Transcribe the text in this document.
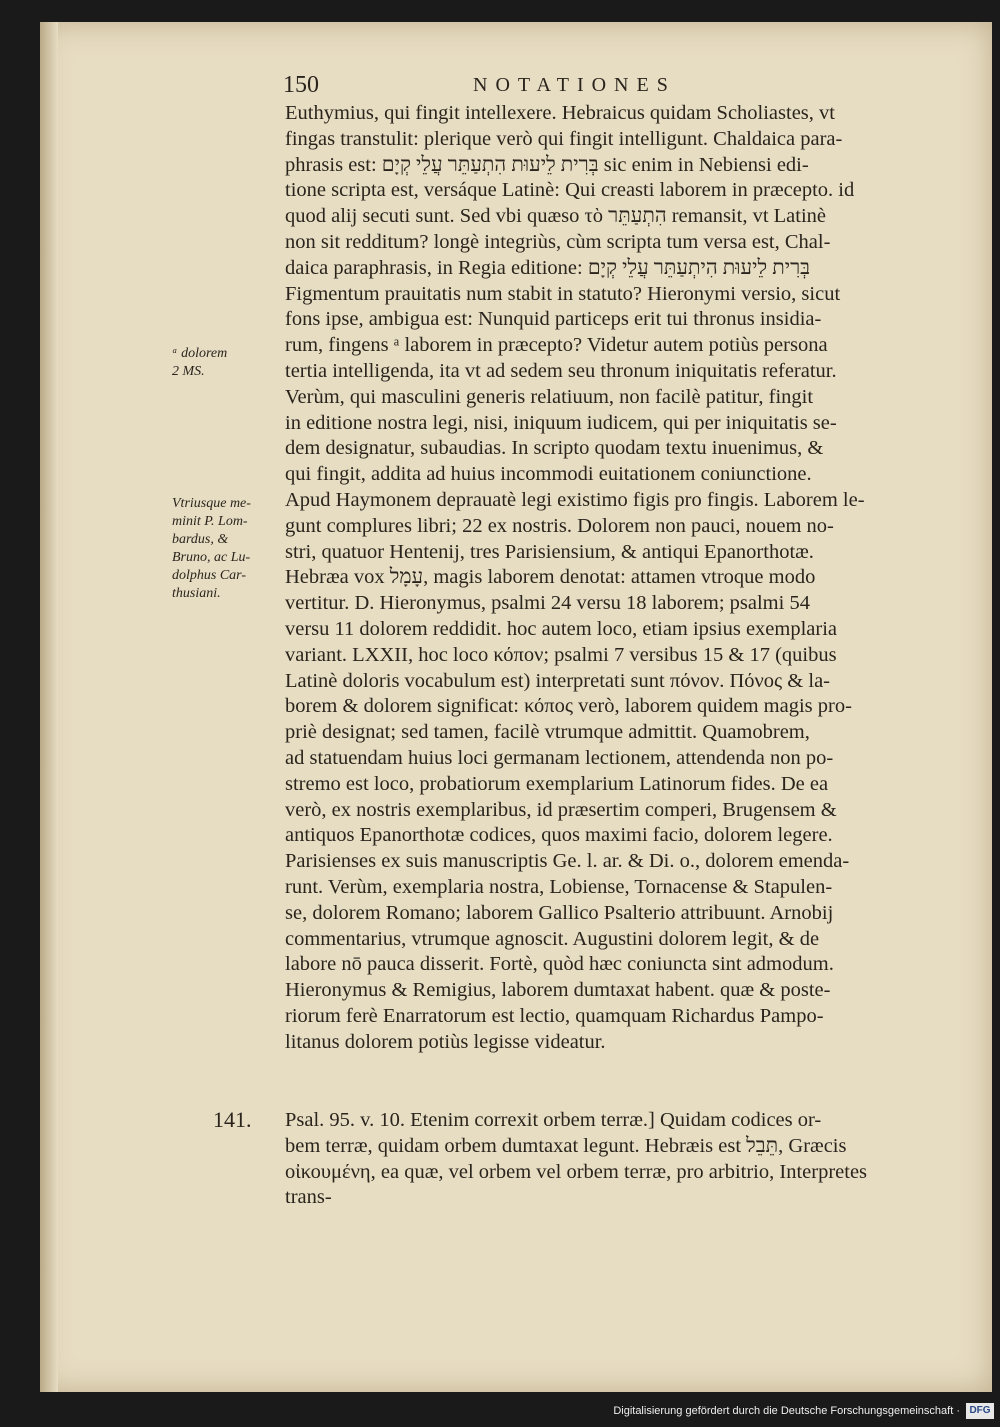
150	NOTATIONES
ᵃ dolorem
2 MS.
Vtriusque me-
minit P. Lom-
bardus, &
Bruno, ac Lu-
dolphus Car-
thusiani.
Euthymius, qui fingit intellexere. Hebraicus quidam Scholiastes, vt
fingas transtulit: plerique verò qui fingit intelligunt. Chaldaica para-
phrasis est: בְּרִית לֵיעוּת הִתְעַתֵּר עֲלֵי קְיָם sic enim in Nebiensi edi-
tione scripta est, versáque Latinè: Qui creasti laborem in præcepto. id
quod alij secuti sunt. Sed vbi quæso τὸ הִתְעַתֵּר remansit, vt Latinè
non sit redditum? longè integriùs, cùm scripta tum versa est, Chal-
daica paraphrasis, in Regia editione: בְּרִית לֵיעוּת הִיתְעַתֵּר עֲלֵי קְיָם
Figmentum prauitatis num stabit in statuto? Hieronymi versio, sicut
fons ipse, ambigua est: Nunquid particeps erit tui thronus insidia-
rum, fingens ᵃ laborem in præcepto? Videtur autem potiùs persona
tertia intelligenda, ita vt ad sedem seu thronum iniquitatis referatur.
Verùm, qui masculini generis relatiuum, non facilè patitur, fingit
in editione nostra legi, nisi, iniquum iudicem, qui per iniquitatis se-
dem designatur, subaudias. In scripto quodam textu inuenimus, &
qui fingit, addita ad huius incommodi euitationem coniunctione.
Apud Haymonem deprauatè legi existimo figis pro fingis. Laborem le-
gunt complures libri; 22 ex nostris. Dolorem non pauci, nouem no-
stri, quatuor Hentenij, tres Parisiensium, & antiqui Epanorthotæ.
Hebræa vox עָמָל, magis laborem denotat: attamen vtroque modo
vertitur. D. Hieronymus, psalmi 24 versu 18 laborem; psalmi 54
versu 11 dolorem reddidit. hoc autem loco, etiam ipsius exemplaria
variant. LXXII, hoc loco κόπον; psalmi 7 versibus 15 & 17 (quibus
Latinè doloris vocabulum est) interpretati sunt πόνον. Πόνος & la-
borem & dolorem significat: κόπος verò, laborem quidem magis pro-
priè designat; sed tamen, facilè vtrumque admittit. Quamobrem,
ad statuendam huius loci germanam lectionem, attendenda non po-
stremo est loco, probatiorum exemplarium Latinorum fides. De ea
verò, ex nostris exemplaribus, id præsertim comperi, Brugensem &
antiquos Epanorthotæ codices, quos maximi facio, dolorem legere.
Parisienses ex suis manuscriptis Ge. l. ar. & Di. o., dolorem emenda-
runt. Verùm, exemplaria nostra, Lobiense, Tornacense & Stapulen-
se, dolorem Romano; laborem Gallico Psalterio attribuunt. Arnobij
commentarius, vtrumque agnoscit. Augustini dolorem legit, & de
labore nō pauca disserit. Fortè, quòd hæc coniuncta sint admodum.
Hieronymus & Remigius, laborem dumtaxat habent. quæ & poste-
riorum ferè Enarratorum est lectio, quamquam Richardus Pampo-
litanus dolorem potiùs legisse videatur.
141. Psal. 95. v. 10. Etenim correxit orbem terræ.] Quidam codices or-
bem terræ, quidam orbem dumtaxat legunt. Hebræis est תֵּבֵל, Græcis
οἰκουμένη, ea quæ, vel orbem vel orbem terræ, pro arbitrio, Interpretes
trans-
Digitalisierung gefördert durch die Deutsche Forschungsgemeinschaft · DFG
